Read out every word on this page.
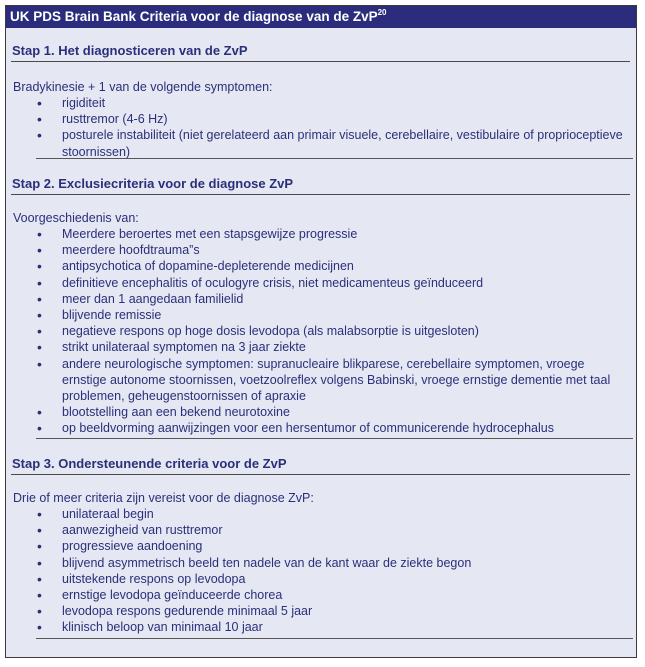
UK PDS Brain Bank Criteria voor de diagnose van de ZvP$^{20}$
Stap 1. Het diagnosticeren van de ZvP
Bradykinesie + 1 van de volgende symptomen:
•	rigiditeit
•	rusttremor (4-6 Hz)
•	posturele instabiliteit (niet gerelateerd aan primair visuele, cerebellaire, vestibulaire of proprioceptieve stoornissen)
Stap 2. Exclusiecriteria voor de diagnose ZvP
Voorgeschiedenis van:
•	Meerdere beroertes met een stapsgewijze progressie
•	meerdere hoofdtrauma”s
•	antipsychotica of dopamine-depleterende medicijnen
•	definitieve encephalitis of oculogyre crisis, niet medicamenteus geïnduceerd
•	meer dan 1 aangedaan familielid
•	blijvende remissie
•	negatieve respons op hoge dosis levodopa (als malabsorptie is uitgesloten)
•	strikt unilateraal symptomen na 3 jaar ziekte
•	andere neurologische symptomen: supranucleaire blikparese, cerebellaire symptomen, vroege ernstige autonome stoornissen, voetzoolreflex volgens Babinski, vroege ernstige dementie met taal problemen, geheugenstoornissen of apraxie
•	blootstelling aan een bekend neurotoxine
•	op beeldvorming aanwijzingen voor een hersentumor of communicerende hydrocephalus
Stap 3. Ondersteunende criteria voor de ZvP
Drie of meer criteria zijn vereist voor de diagnose ZvP:
•	unilateraal begin
•	aanwezigheid van rusttremor
•	progressieve aandoening
•	blijvend asymmetrisch beeld ten nadele van de kant waar de ziekte begon
•	uitstekende respons op levodopa
•	ernstige levodopa geïnduceerde chorea
•	levodopa respons gedurende minimaal 5 jaar
•	klinisch beloop van minimaal 10 jaar
